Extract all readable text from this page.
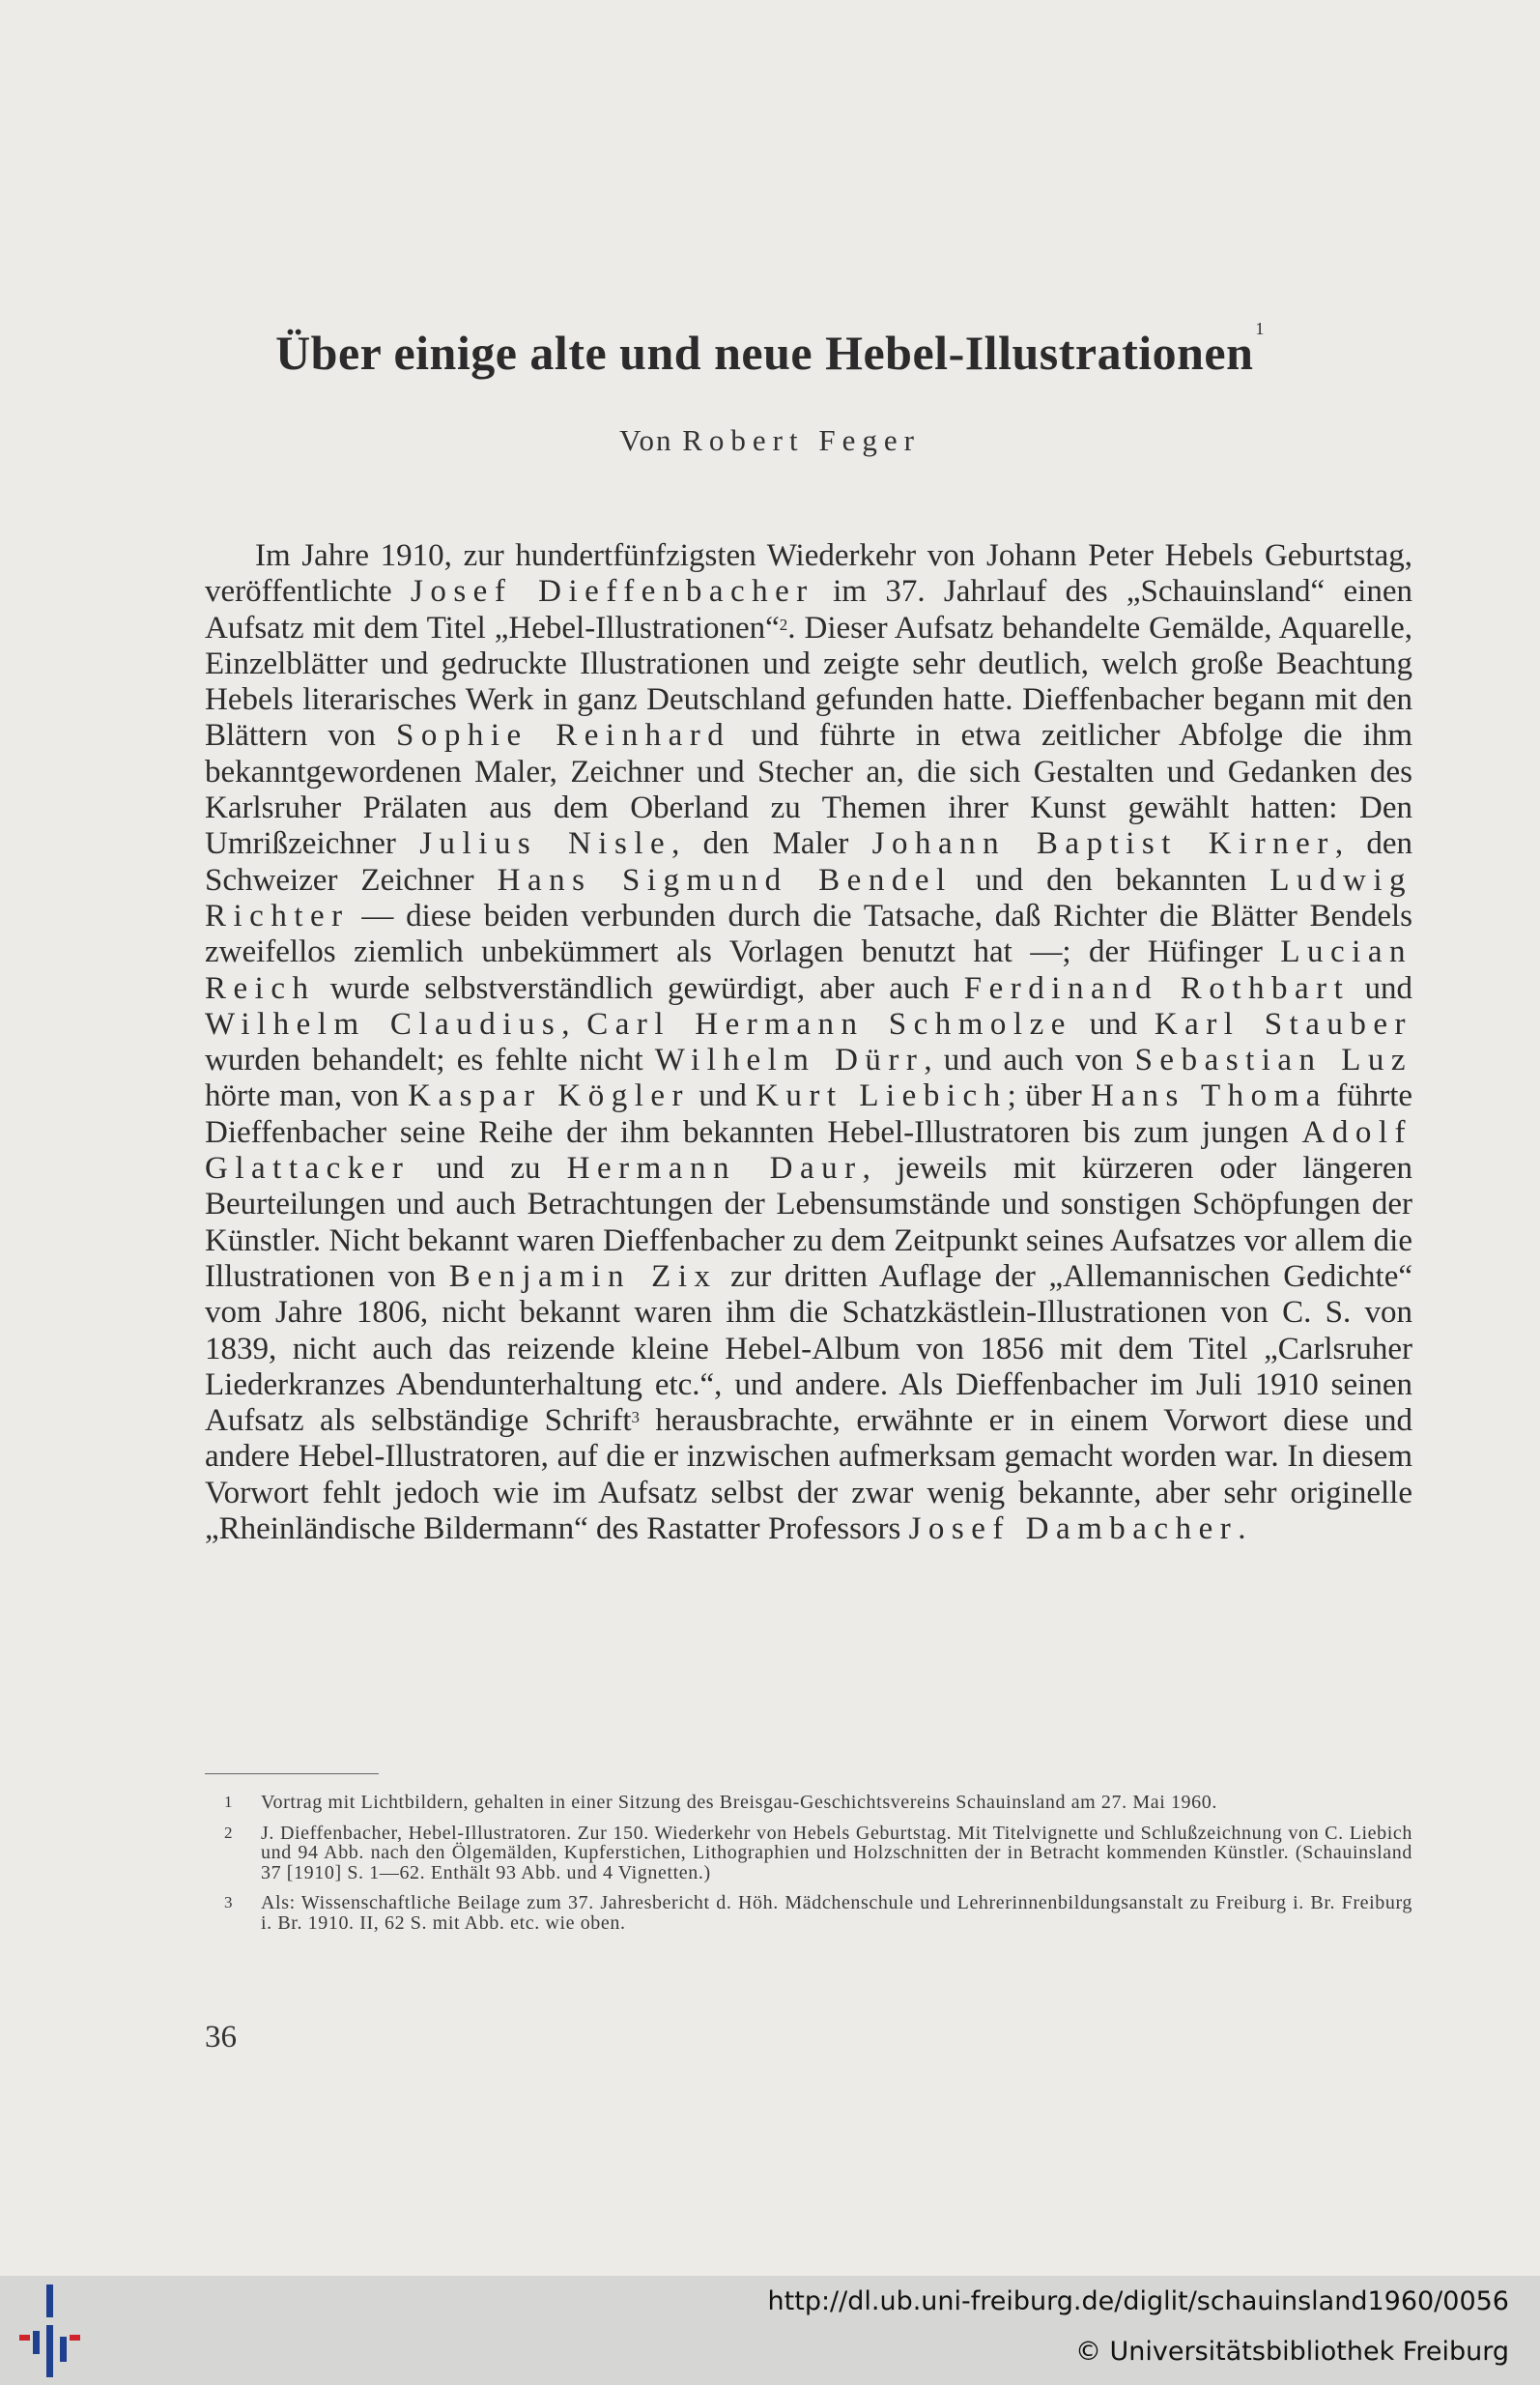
Über einige alte und neue Hebel-Illustrationen $^1$
Von Robert Feger

Im Jahre 1910, zur hundertfünfzigsten Wiederkehr von Johann Peter Hebels Geburtstag, veröffentlichte Josef Dieffenbacher im 37. Jahrlauf des „Schauinsland“ einen Aufsatz mit dem Titel „Hebel-Illustrationen“$^2$. Dieser Aufsatz behandelte Gemälde, Aquarelle, Einzelblätter und gedruckte Illustrationen und zeigte sehr deutlich, welch große Beachtung Hebels literarisches Werk in ganz Deutschland gefunden hatte. Dieffenbacher begann mit den Blättern von Sophie Reinhard und führte in etwa zeitlicher Abfolge die ihm bekanntgewordenen Maler, Zeichner und Stecher an, die sich Gestalten und Gedanken des Karlsruher Prälaten aus dem Oberland zu Themen ihrer Kunst gewählt hatten: Den Umrißzeichner Julius Nisle, den Maler Johann Baptist Kirner, den Schweizer Zeichner Hans Sigmund Bendel und den bekannten Ludwig Richter — diese beiden verbunden durch die Tatsache, daß Richter die Blätter Bendels zweifellos ziemlich unbekümmert als Vorlagen benutzt hat —; der Hüfinger Lucian Reich wurde selbstverständlich gewürdigt, aber auch Ferdinand Rothbart und Wilhelm Claudius, Carl Hermann Schmolze und Karl Stauber wurden behandelt; es fehlte nicht Wilhelm Dürr, und auch von Sebastian Luz hörte man, von Kaspar Kögler und Kurt Liebich; über Hans Thoma führte Dieffenbacher seine Reihe der ihm bekannten Hebel-Illustratoren bis zum jungen Adolf Glattacker und zu Hermann Daur, jeweils mit kürzeren oder längeren Beurteilungen und auch Betrachtungen der Lebensumstände und sonstigen Schöpfungen der Künstler. Nicht bekannt waren Dieffenbacher zu dem Zeitpunkt seines Aufsatzes vor allem die Illustrationen von Benjamin Zix zur dritten Auflage der „Allemannischen Gedichte“ vom Jahre 1806, nicht bekannt waren ihm die Schatzkästlein-Illustrationen von C. S. von 1839, nicht auch das reizende kleine Hebel-Album von 1856 mit dem Titel „Carlsruher Liederkranzes Abendunterhaltung etc.“, und andere. Als Dieffenbacher im Juli 1910 seinen Aufsatz als selbständige Schrift$^3$ herausbrachte, erwähnte er in einem Vorwort diese und andere Hebel-Illustratoren, auf die er inzwischen aufmerksam gemacht worden war. In diesem Vorwort fehlt jedoch wie im Aufsatz selbst der zwar wenig bekannte, aber sehr originelle „Rheinländische Bildermann“ des Rastatter Professors Josef Dambacher.

1	Vortrag mit Lichtbildern, gehalten in einer Sitzung des Breisgau-Geschichtsvereins Schauinsland am 27. Mai 1960.
2	J. Dieffenbacher, Hebel-Illustratoren. Zur 150. Wiederkehr von Hebels Geburtstag. Mit Titelvignette und Schlußzeichnung von C. Liebich und 94 Abb. nach den Ölgemälden, Kupferstichen, Lithographien und Holzschnitten der in Betracht kommenden Künstler. (Schauinsland 37 [1910] S. 1—62. Enthält 93 Abb. und 4 Vignetten.)
3	Als: Wissenschaftliche Beilage zum 37. Jahresbericht d. Höh. Mädchenschule und Lehrerinnenbildungsanstalt zu Freiburg i. Br. Freiburg i. Br. 1910. II, 62 S. mit Abb. etc. wie oben.
36
http://dl.ub.uni-freiburg.de/diglit/schauinsland1960/0056
© Universitätsbibliothek Freiburg
